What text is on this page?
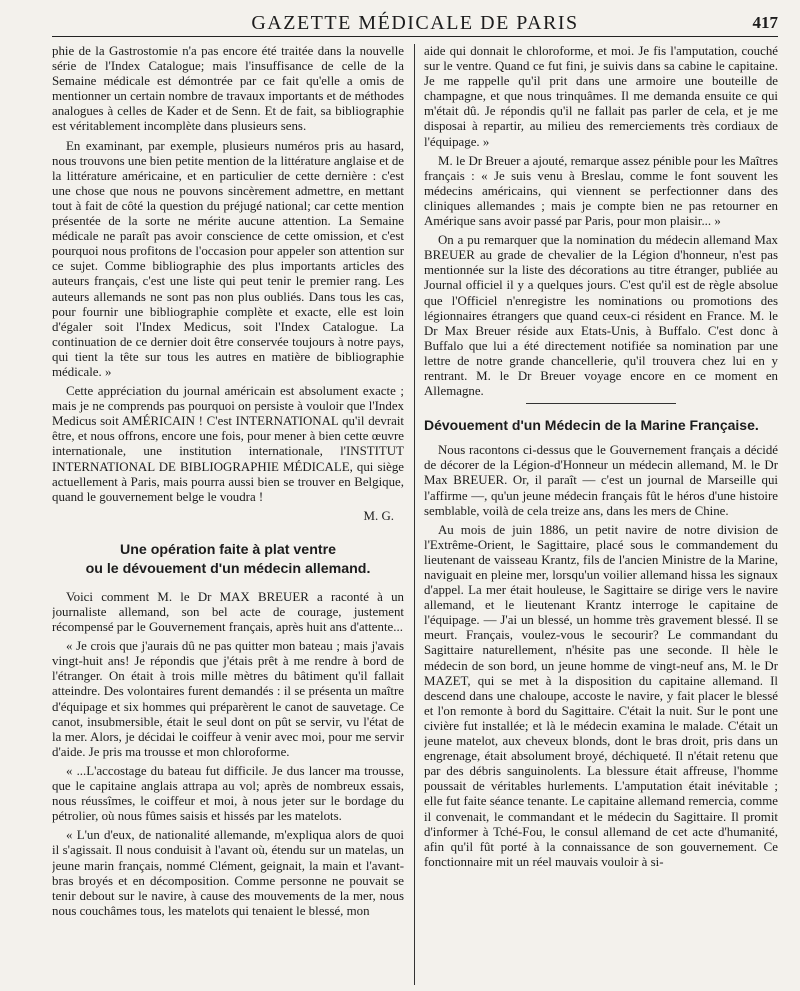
GAZETTE MÉDICALE DE PARIS	417

phie de la Gastrostomie n'a pas encore été traitée dans la nouvelle série de l'Index Catalogue; mais l'insuffisance de celle de la Semaine médicale est démontrée par ce fait qu'elle a omis de mentionner un certain nombre de travaux importants et de méthodes analogues à celles de Kader et de Senn. Et de fait, sa bibliographie est véritablement incomplète dans plusieurs sens.

En examinant, par exemple, plusieurs numéros pris au hasard, nous trouvons une bien petite mention de la littérature anglaise et de la littérature américaine, et en particulier de cette dernière : c'est une chose que nous ne pouvons sincèrement admettre, en mettant tout à fait de côté la question du préjugé national; car cette mention présentée de la sorte ne mérite aucune attention. La Semaine médicale ne paraît pas avoir conscience de cette omission, et c'est pourquoi nous profitons de l'occasion pour appeler son attention sur ce sujet. Comme bibliographie des plus importants articles des auteurs français, c'est une liste qui peut tenir le premier rang. Les auteurs allemands ne sont pas non plus oubliés. Dans tous les cas, pour fournir une bibliographie complète et exacte, elle est loin d'égaler soit l'Index Medicus, soit l'Index Catalogue. La continuation de ce dernier doit être conservée toujours à notre pays, qui tient la tête sur tous les autres en matière de bibliographie médicale. »

Cette appréciation du journal américain est absolument exacte ; mais je ne comprends pas pourquoi on persiste à vouloir que l'Index Medicus soit AMÉRICAIN ! C'est INTERNATIONAL qu'il devrait être, et nous offrons, encore une fois, pour mener à bien cette œuvre internationale, une institution internationale, l'INSTITUT INTERNATIONAL DE BIBLIOGRAPHIE MÉDICALE, qui siège actuellement à Paris, mais pourra aussi bien se trouver en Belgique, quand le gouvernement belge le voudra !

M. G.
Une opération faite à plat ventre
ou le dévouement d'un médecin allemand.

Voici comment M. le Dr MAX BREUER a raconté à un journaliste allemand, son bel acte de courage, justement récompensé par le Gouvernement français, après huit ans d'attente...

« Je crois que j'aurais dû ne pas quitter mon bateau ; mais j'avais vingt-huit ans! Je répondis que j'étais prêt à me rendre à bord de l'étranger. On était à trois mille mètres du bâtiment qu'il fallait atteindre. Des volontaires furent demandés : il se présenta un maître d'équipage et six hommes qui préparèrent le canot de sauvetage. Ce canot, insubmersible, était le seul dont on pût se servir, vu l'état de la mer. Alors, je décidai le coiffeur à venir avec moi, pour me servir d'aide. Je pris ma trousse et mon chloroforme.

« ...L'accostage du bateau fut difficile. Je dus lancer ma trousse, que le capitaine anglais attrapa au vol; après de nombreux essais, nous réussîmes, le coiffeur et moi, à nous jeter sur le bordage du pétrolier, où nous fûmes saisis et hissés par les matelots.

« L'un d'eux, de nationalité allemande, m'expliqua alors de quoi il s'agissait. Il nous conduisit à l'avant où, étendu sur un matelas, un jeune marin français, nommé Clément, geignait, la main et l'avant-bras broyés et en décomposition. Comme personne ne pouvait se tenir debout sur le navire, à cause des mouvements de la mer, nous nous couchâmes tous, les matelots qui tenaient le blessé, mon

aide qui donnait le chloroforme, et moi. Je fis l'amputation, couché sur le ventre. Quand ce fut fini, je suivis dans sa cabine le capitaine. Je me rappelle qu'il prit dans une armoire une bouteille de champagne, et que nous trinquâmes. Il me demanda ensuite ce qui m'était dû. Je répondis qu'il ne fallait pas parler de cela, et je me disposai à repartir, au milieu des remerciements très cordiaux de l'équipage. »

M. le Dr Breuer a ajouté, remarque assez pénible pour les Maîtres français : « Je suis venu à Breslau, comme le font souvent les médecins américains, qui viennent se perfectionner dans des cliniques allemandes ; mais je compte bien ne pas retourner en Amérique sans avoir passé par Paris, pour mon plaisir... »

On a pu remarquer que la nomination du médecin allemand Max BREUER au grade de chevalier de la Légion d'honneur, n'est pas mentionnée sur la liste des décorations au titre étranger, publiée au Journal officiel il y a quelques jours. C'est qu'il est de règle absolue que l'Officiel n'enregistre les nominations ou promotions des légionnaires étrangers que quand ceux-ci résident en France. M. le Dr Max Breuer réside aux Etats-Unis, à Buffalo. C'est donc à Buffalo que lui a été directement notifiée sa nomination par une lettre de notre grande chancellerie, qu'il trouvera chez lui en y rentrant. M. le Dr Breuer voyage encore en ce moment en Allemagne.

Dévouement d'un Médecin de la Marine Française.

Nous racontons ci-dessus que le Gouvernement français a décidé de décorer de la Légion-d'Honneur un médecin allemand, M. le Dr Max BREUER. Or, il paraît — c'est un journal de Marseille qui l'affirme —, qu'un jeune médecin français fût le héros d'une histoire semblable, voilà de cela treize ans, dans les mers de Chine.

Au mois de juin 1886, un petit navire de notre division de l'Extrême-Orient, le Sagittaire, placé sous le commandement du lieutenant de vaisseau Krantz, fils de l'ancien Ministre de la Marine, naviguait en pleine mer, lorsqu'un voilier allemand hissa les signaux d'appel. La mer était houleuse, le Sagittaire se dirige vers le navire allemand, et le lieutenant Krantz interroge le capitaine de l'équipage. — J'ai un blessé, un homme très gravement blessé. Il se meurt. Français, voulez-vous le secourir? Le commandant du Sagittaire naturellement, n'hésite pas une seconde. Il hèle le médecin de son bord, un jeune homme de vingt-neuf ans, M. le Dr MAZET, qui se met à la disposition du capitaine allemand. Il descend dans une chaloupe, accoste le navire, y fait placer le blessé et l'on remonte à bord du Sagittaire. C'était la nuit. Sur le pont une civière fut installée; et là le médecin examina le malade. C'était un jeune matelot, aux cheveux blonds, dont le bras droit, pris dans un engrenage, était absolument broyé, déchiqueté. Il n'était retenu que par des débris sanguinolents. La blessure était affreuse, l'homme poussait de véritables hurlements. L'amputation était inévitable ; elle fut faite séance tenante. Le capitaine allemand remercia, comme il convenait, le commandant et le médecin du Sagittaire. Il promit d'informer à Tché-Fou, le consul allemand de cet acte d'humanité, afin qu'il fût porté à la connaissance de son gouvernement. Ce fonctionnaire mit un réel mauvais vouloir à si-
